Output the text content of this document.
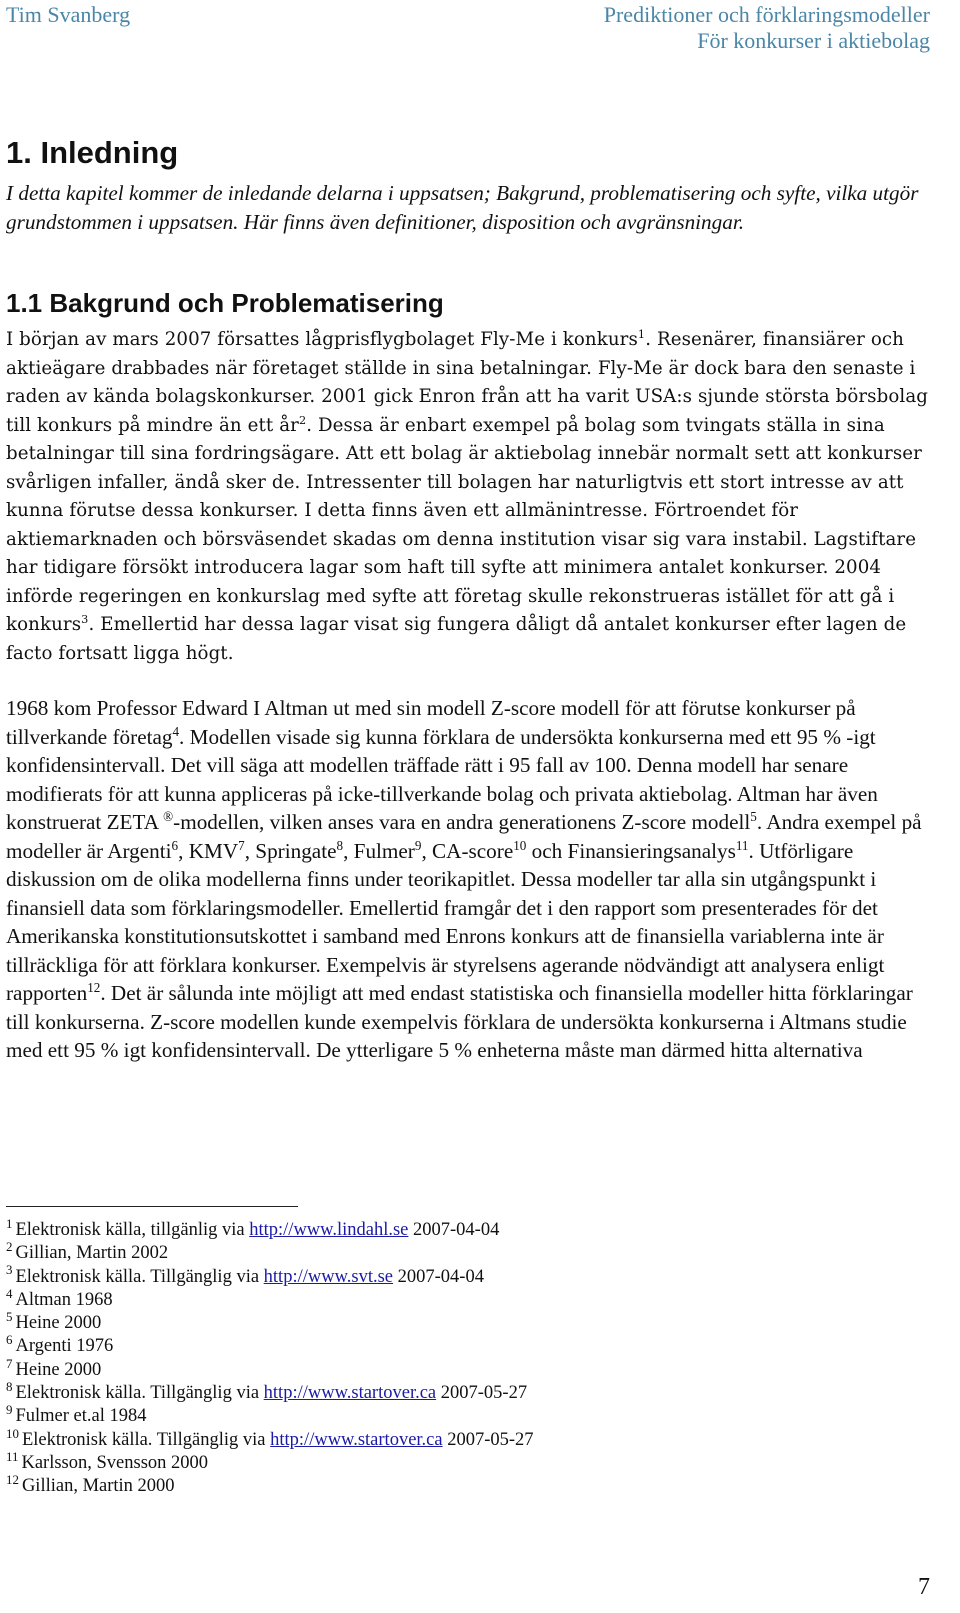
Tim Svanberg	Prediktioner och förklaringsmodeller
För konkurser i aktiebolag
1. Inledning

I detta kapitel kommer de inledande delarna i uppsatsen; Bakgrund, problematisering och syfte, vilka utgör grundstommen i uppsatsen. Här finns även definitioner, disposition och avgränsningar.

1.1 Bakgrund och Problematisering

I början av mars 2007 försattes lågprisflygbolaget Fly-Me i konkurs$^1$. Resenärer, finansiärer och aktieägare drabbades när företaget ställde in sina betalningar. Fly-Me är dock bara den senaste i raden av kända bolagskonkurser. 2001 gick Enron från att ha varit USA:s sjunde största börsbolag till konkurs på mindre än ett $år^2$. Dessa är enbart exempel på bolag som tvingats ställa in sina betalningar till sina fordringsägare. Att ett bolag är aktiebolag innebär normalt sett att konkurser svårligen infaller, ändå sker de. Intressenter till bolagen har naturligtvis ett stort intresse av att kunna förutse dessa konkurser. I detta finns även ett allmänintresse. Förtroendet för aktiemarknaden och börsväsendet skadas om denna institution visar sig vara instabil. Lagstiftare har tidigare försökt introducera lagar som haft till syfte att minimera antalet konkurser. 2004 införde regeringen en konkurslag med syfte att företag skulle rekonstrueras istället för att gå i konkurs$^3$. Emellertid har dessa lagar visat sig fungera dåligt då antalet konkurser efter lagen de facto fortsatt ligga högt.

1968 kom Professor Edward I Altman ut med sin modell Z-score modell för att förutse konkurser på tillverkande företag$^4$. Modellen visade sig kunna förklara de undersökta konkurserna med ett 95 % -igt konfidensintervall. Det vill säga att modellen träffade rätt i 95 fall av 100. Denna modell har senare modifierats för att kunna appliceras på icke-tillverkande bolag och privata aktiebolag. Altman har även konstruerat ZETA ®-modellen, vilken anses vara en andra generationens Z-score modell$^5$. Andra exempel på modeller är Argenti$^6$, KMV$^7$, Springate$^8$, Fulmer$^9$, CA-score$^{10}$ och Finansieringsanalys$^{11}$. Utförligare diskussion om de olika modellerna finns under teorikapitlet. Dessa modeller tar alla sin utgångspunkt i finansiell data som förklaringsmodeller. Emellertid framgår det i den rapport som presenterades för det Amerikanska konstitutionsutskottet i samband med Enrons konkurs att de finansiella variablerna inte är tillräckliga för att förklara konkurser. Exempelvis är styrelsens agerande nödvändigt att analysera enligt rapporten$^{12}$. Det är sålunda inte möjligt att med endast statistiska och finansiella modeller hitta förklaringar till konkurserna. Z-score modellen kunde exempelvis förklara de undersökta konkurserna i Altmans studie med ett 95 % igt konfidensintervall. De ytterligare 5 % enheterna måste man därmed hitta alternativa

$^1$ Elektronisk källa, tillgänlig via http://www.lindahl.se 2007-04-04
$^2$ Gillian, Martin 2002
$^3$ Elektronisk källa. Tillgänglig via http://www.svt.se 2007-04-04
$^4$ Altman 1968
$^5$ Heine 2000
$^6$ Argenti 1976
$^7$ Heine 2000
$^8$ Elektronisk källa. Tillgänglig via http://www.startover.ca 2007-05-27
$^9$ Fulmer et.al 1984
$^{10}$ Elektronisk källa. Tillgänglig via http://www.startover.ca 2007-05-27
$^{11}$ Karlsson, Svensson 2000
$^{12}$ Gillian, Martin 2000
7
